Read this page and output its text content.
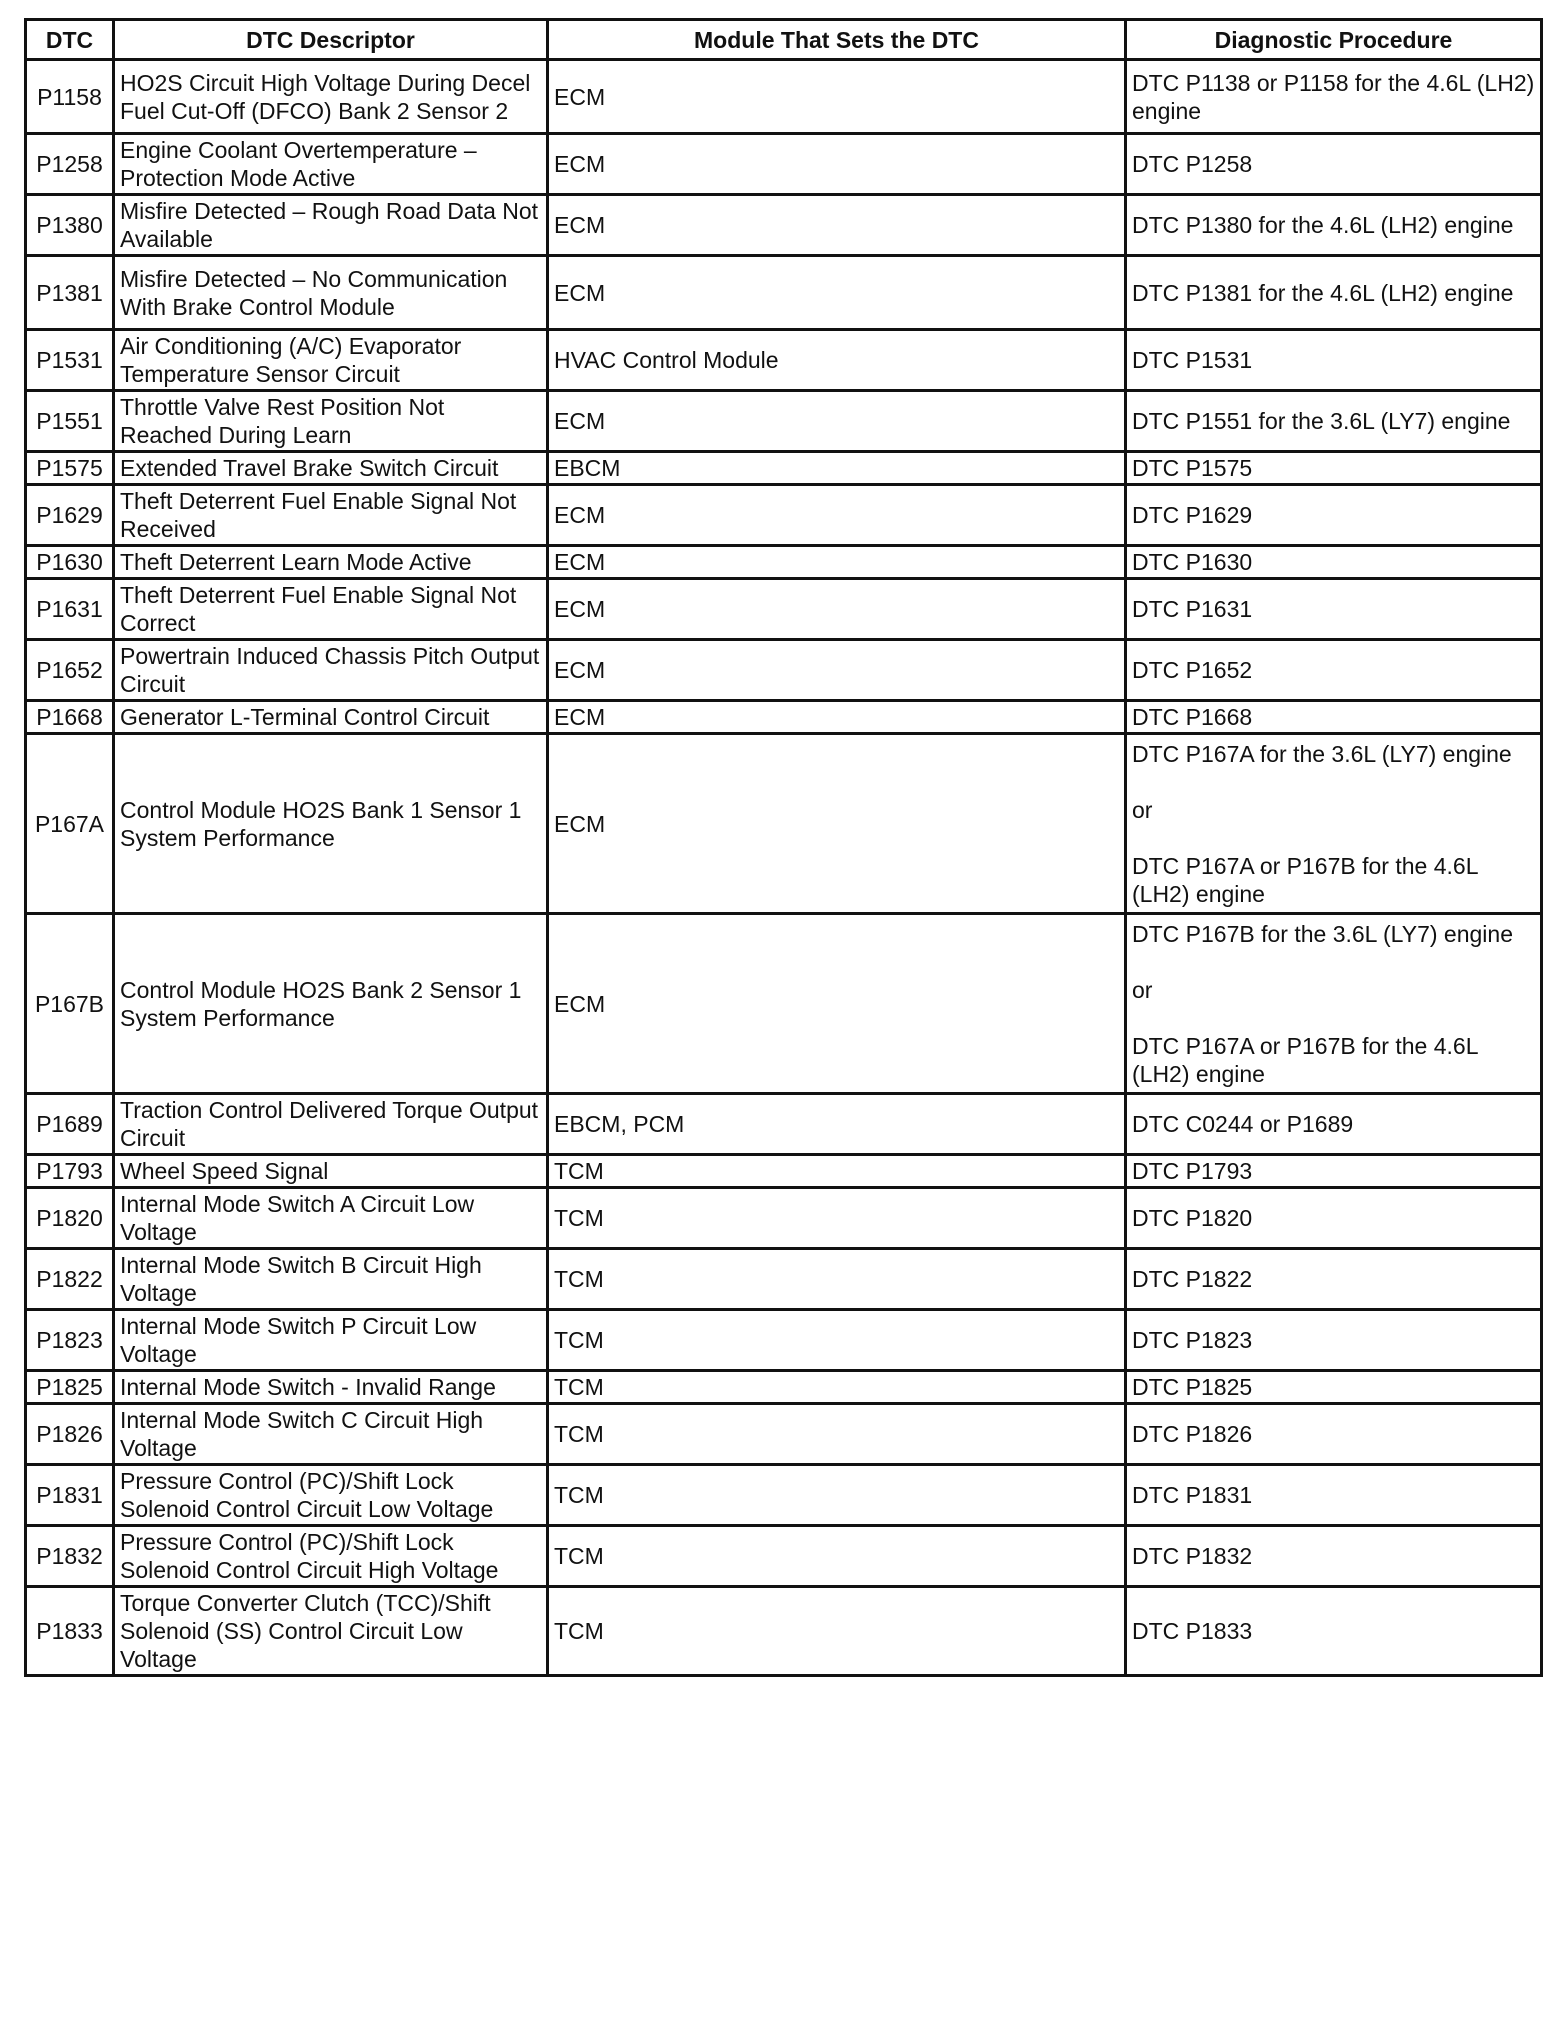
DTC	DTC Descriptor	Module That Sets the DTC	Diagnostic Procedure
P1158	HO2S Circuit High Voltage During Decel Fuel Cut-Off (DFCO) Bank 2 Sensor 2	ECM	DTC P1138 or P1158 for the 4.6L (LH2) engine
P1258	Engine Coolant Overtemperature – Protection Mode Active	ECM	DTC P1258
P1380	Misfire Detected – Rough Road Data Not Available	ECM	DTC P1380 for the 4.6L (LH2) engine
P1381	Misfire Detected – No Communication With Brake Control Module	ECM	DTC P1381 for the 4.6L (LH2) engine
P1531	Air Conditioning (A/C) Evaporator Temperature Sensor Circuit	HVAC Control Module	DTC P1531
P1551	Throttle Valve Rest Position Not Reached During Learn	ECM	DTC P1551 for the 3.6L (LY7) engine
P1575	Extended Travel Brake Switch Circuit	EBCM	DTC P1575
P1629	Theft Deterrent Fuel Enable Signal Not Received	ECM	DTC P1629
P1630	Theft Deterrent Learn Mode Active	ECM	DTC P1630
P1631	Theft Deterrent Fuel Enable Signal Not Correct	ECM	DTC P1631
P1652	Powertrain Induced Chassis Pitch Output Circuit	ECM	DTC P1652
P1668	Generator L-Terminal Control Circuit	ECM	DTC P1668
P167A	Control Module HO2S Bank 1 Sensor 1 System Performance	ECM	DTC P167A for the 3.6L (LY7) engine

or

DTC P167A or P167B for the 4.6L (LH2) engine
P167B	Control Module HO2S Bank 2 Sensor 1 System Performance	ECM	DTC P167B for the 3.6L (LY7) engine

or

DTC P167A or P167B for the 4.6L (LH2) engine
P1689	Traction Control Delivered Torque Output Circuit	EBCM, PCM	DTC C0244 or P1689
P1793	Wheel Speed Signal	TCM	DTC P1793
P1820	Internal Mode Switch A Circuit Low Voltage	TCM	DTC P1820
P1822	Internal Mode Switch B Circuit High Voltage	TCM	DTC P1822
P1823	Internal Mode Switch P Circuit Low Voltage	TCM	DTC P1823
P1825	Internal Mode Switch - Invalid Range	TCM	DTC P1825
P1826	Internal Mode Switch C Circuit High Voltage	TCM	DTC P1826
P1831	Pressure Control (PC)/Shift Lock Solenoid Control Circuit Low Voltage	TCM	DTC P1831
P1832	Pressure Control (PC)/Shift Lock Solenoid Control Circuit High Voltage	TCM	DTC P1832
P1833	Torque Converter Clutch (TCC)/Shift Solenoid (SS) Control Circuit Low Voltage	TCM	DTC P1833
